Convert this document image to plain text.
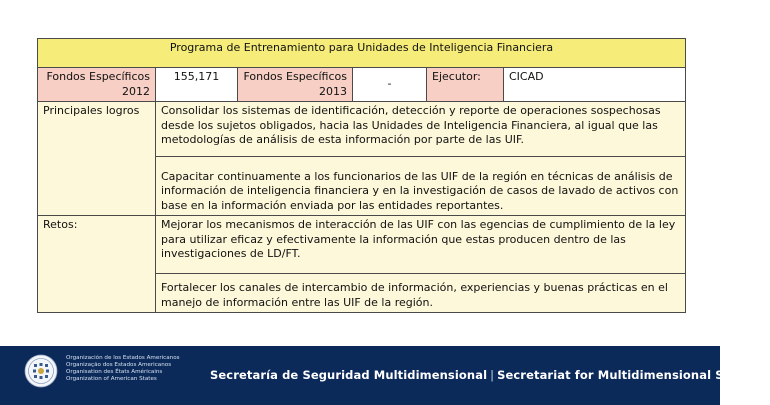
Programa de Entrenamiento para Unidades de Inteligencia Financiera					
Fondos Específicos 2012	155,171	Fondos Específicos 2013	-	Ejecutor:	CICAD
Principales logros	Consolidar los sistemas de identificación, detección y reporte de operaciones sospechosas desde los sujetos obligados, hacia las Unidades de Inteligencia Financiera, al igual que las metodologías de análisis de esta información por parte de las UIF.				
	Capacitar continuamente a los funcionarios de las UIF de la región en técnicas de análisis de información de inteligencia financiera y en la investigación de casos de lavado de activos con base en la información enviada por las entidades reportantes.				
Retos:	Mejorar los mecanismos de interacción de las UIF con las egencias de cumplimiento de la ley para utilizar eficaz y efectivamente la información que estas producen dentro de las investigaciones de LD/FT.				
	Fortalecer los canales de intercambio de información, experiencias y buenas prácticas en el manejo de información entre las UIF de la región.				
Organización de los Estados Americanos
Organização dos Estados Americanos
Organisation des États Américains
Organization of American States	Secretaría de Seguridad Multidimensional | Secretariat for Multidimensional Security
